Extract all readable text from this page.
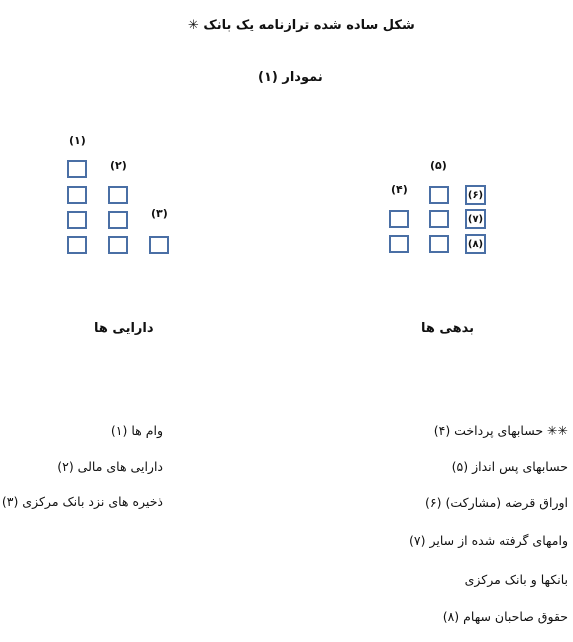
شکل ساده شده ترازنامه یک بانک ✳
نمودار (۱)
(۱)
(۲)
(۳)
(۴)
(۵)
(۶)
(۷)
(۸)
دارایی ها	بدهی ها
وام ها (۱)
دارایی های مالی (۲)
ذخیره های نزد بانک مرکزی (۳)
✳✳ حسابهای پرداخت (۴)
حسابهای پس انداز (۵)
اوراق قرضه (مشارکت) (۶)
وامهای گرفته شده از سایر (۷)
بانکها و بانک مرکزی
حقوق صاحبان سهام (۸)
